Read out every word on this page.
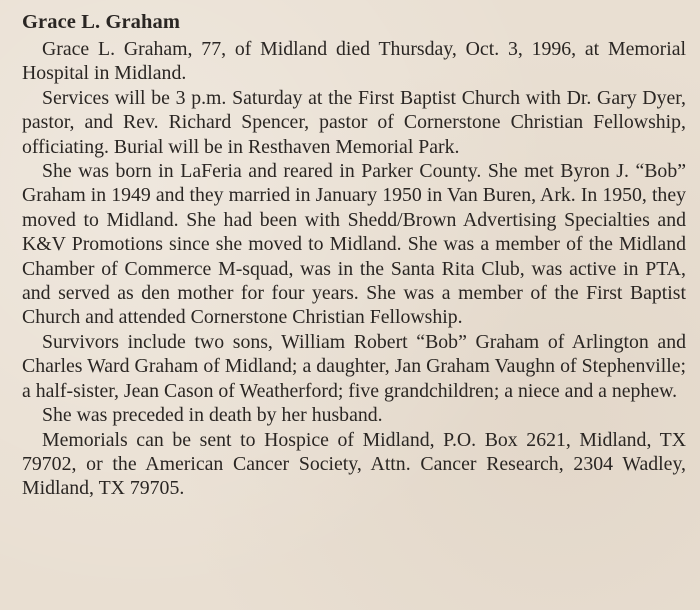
Grace L. Graham

Grace L. Graham, 77, of Midland died Thursday, Oct. 3, 1996, at Memorial Hospital in Midland.

Services will be 3 p.m. Saturday at the First Baptist Church with Dr. Gary Dyer, pastor, and Rev. Richard Spencer, pastor of Cornerstone Christian Fellowship, officiating. Burial will be in Resthaven Memorial Park.

She was born in LaFeria and reared in Parker County. She met Byron J. “Bob” Graham in 1949 and they married in January 1950 in Van Buren, Ark. In 1950, they moved to Midland. She had been with Shedd/Brown Advertising Specialties and K&V Promotions since she moved to Midland. She was a member of the Midland Chamber of Commerce M-squad, was in the Santa Rita Club, was active in PTA, and served as den mother for four years. She was a member of the First Baptist Church and attended Cornerstone Christian Fellowship.

Survivors include two sons, William Robert “Bob” Graham of Arlington and Charles Ward Graham of Midland; a daughter, Jan Graham Vaughn of Stephenville; a half-sister, Jean Cason of Weatherford; five grandchildren; a niece and a nephew.

She was preceded in death by her husband.

Memorials can be sent to Hospice of Midland, P.O. Box 2621, Midland, TX 79702, or the American Cancer Society, Attn. Cancer Research, 2304 Wadley, Midland, TX 79705.
